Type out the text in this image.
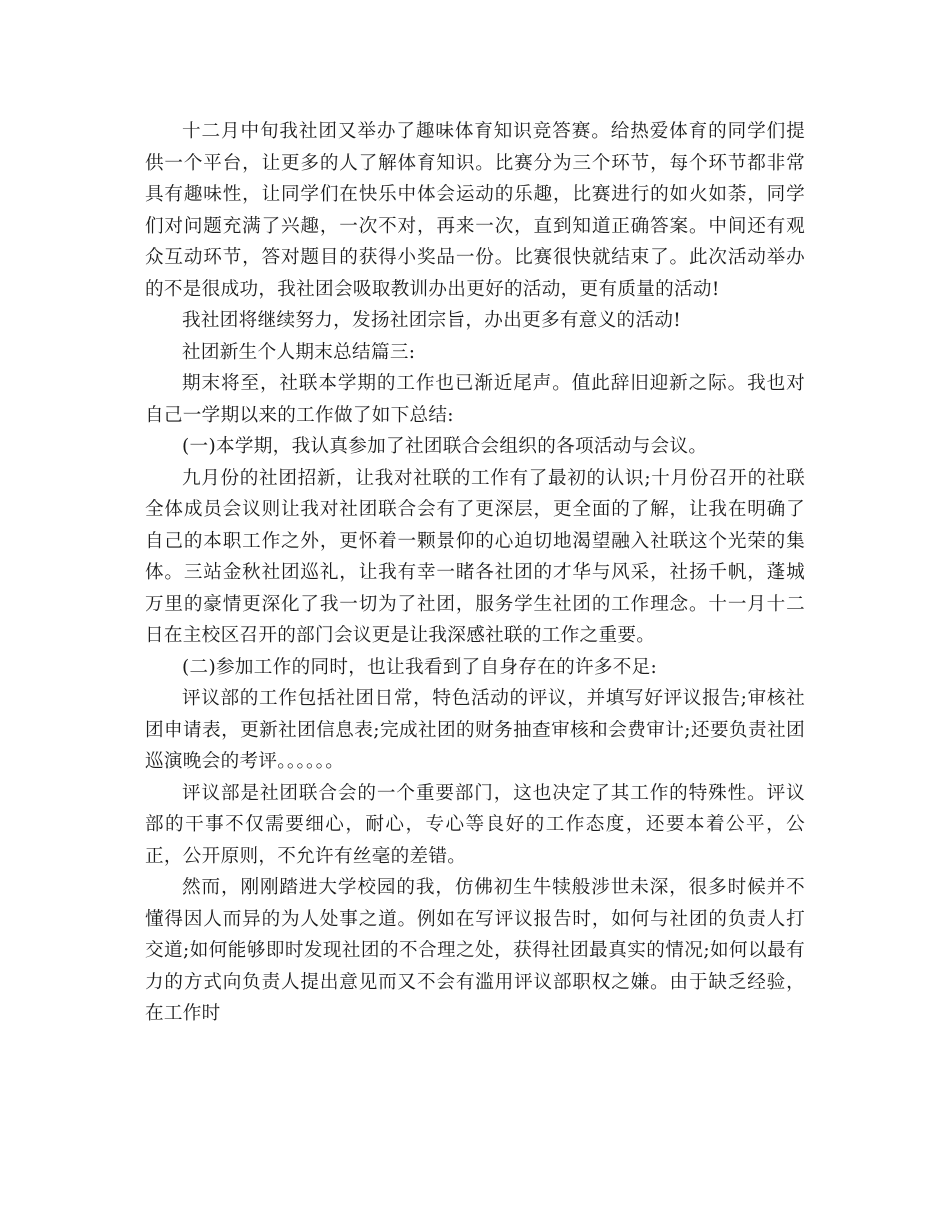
十二月中旬我社团又举办了趣味体育知识竞答赛。给热爱体育的同学们提供一个平台，让更多的人了解体育知识。比赛分为三个环节，每个环节都非常具有趣味性，让同学们在快乐中体会运动的乐趣，比赛进行的如火如荼，同学们对问题充满了兴趣，一次不对，再来一次，直到知道正确答案。中间还有观众互动环节，答对题目的获得小奖品一份。比赛很快就结束了。此次活动举办的不是很成功，我社团会吸取教训办出更好的活动，更有质量的活动!

我社团将继续努力，发扬社团宗旨，办出更多有意义的活动!

社团新生个人期末总结篇三:

期末将至，社联本学期的工作也已渐近尾声。值此辞旧迎新之际。我也对自己一学期以来的工作做了如下总结:

(一)本学期，我认真参加了社团联合会组织的各项活动与会议。

九月份的社团招新，让我对社联的工作有了最初的认识;十月份召开的社联全体成员会议则让我对社团联合会有了更深层，更全面的了解，让我在明确了自己的本职工作之外，更怀着一颗景仰的心迫切地渴望融入社联这个光荣的集体。三站金秋社团巡礼，让我有幸一睹各社团的才华与风采，社扬千帆，蓬城万里的豪情更深化了我一切为了社团，服务学生社团的工作理念。十一月十二日在主校区召开的部门会议更是让我深感社联的工作之重要。

(二)参加工作的同时，也让我看到了自身存在的许多不足:

评议部的工作包括社团日常，特色活动的评议，并填写好评议报告;审核社团申请表，更新社团信息表;完成社团的财务抽查审核和会费审计;还要负责社团巡演晚会的考评。。。。。。

评议部是社团联合会的一个重要部门，这也决定了其工作的特殊性。评议部的干事不仅需要细心，耐心，专心等良好的工作态度，还要本着公平，公正，公开原则，不允许有丝毫的差错。

然而，刚刚踏进大学校园的我，仿佛初生牛犊般涉世未深，很多时候并不懂得因人而异的为人处事之道。例如在写评议报告时，如何与社团的负责人打交道;如何能够即时发现社团的不合理之处，获得社团最真实的情况;如何以最有力的方式向负责人提出意见而又不会有滥用评议部职权之嫌。由于缺乏经验，在工作时
